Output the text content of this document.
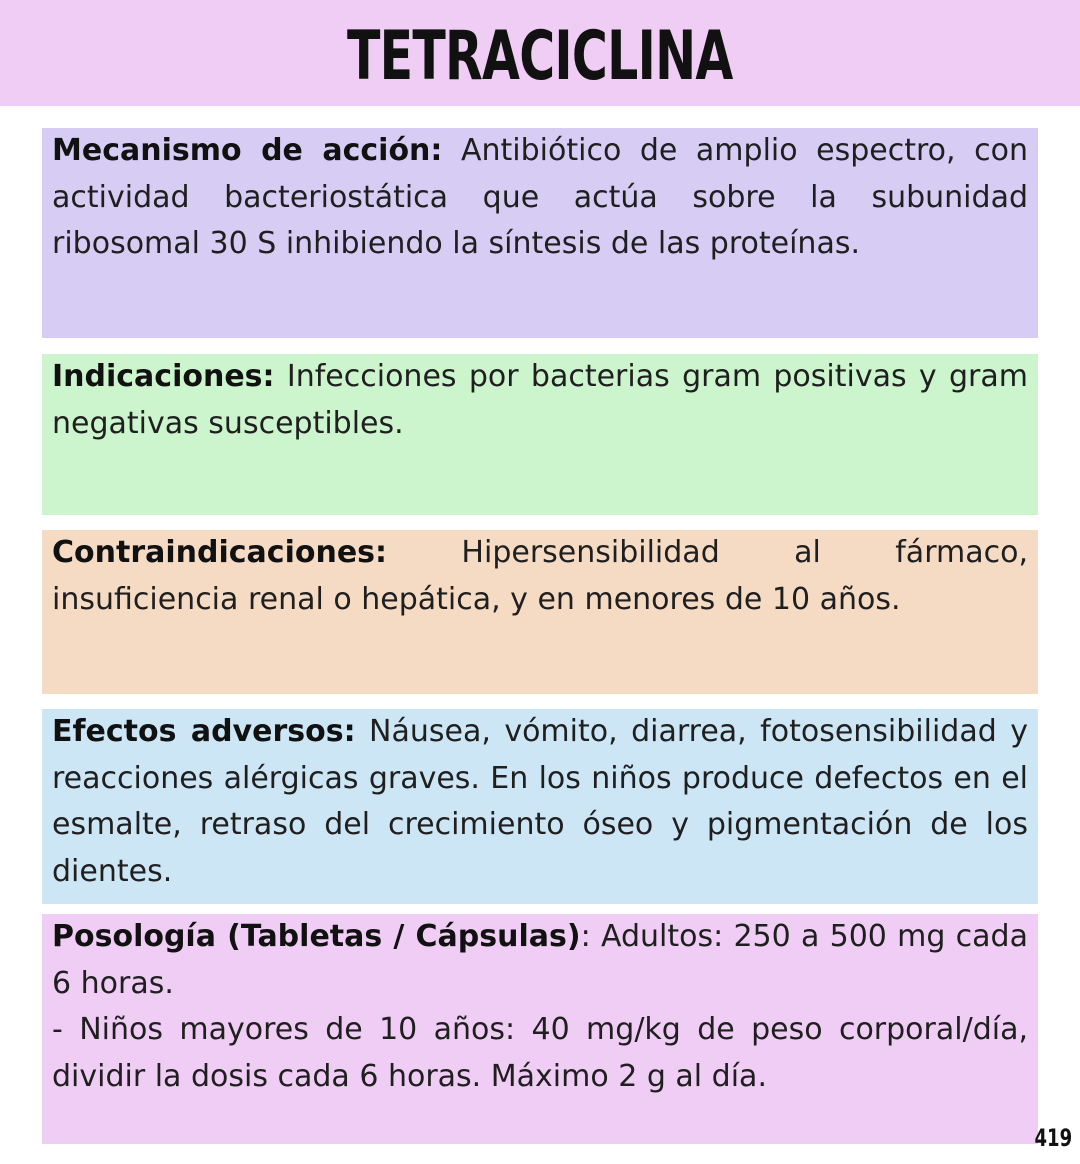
TETRACICLINA
Mecanismo de acción: Antibiótico de amplio espectro, con actividad bacteriostática que actúa sobre la subunidad ribosomal 30 S inhibiendo la síntesis de las proteínas.
Indicaciones: Infecciones por bacterias gram positivas y gram negativas susceptibles.
Contraindicaciones: Hipersensibilidad al fármaco, insuficiencia renal o hepática, y en menores de 10 años.
Efectos adversos: Náusea, vómito, diarrea, fotosensibilidad y reacciones alérgicas graves. En los niños produce defectos en el esmalte, retraso del crecimiento óseo y pigmentación de los dientes.
Posología (Tabletas / Cápsulas): Adultos: 250 a 500 mg cada 6 horas.
- Niños mayores de 10 años: 40 mg/kg de peso corporal/día, dividir la dosis cada 6 horas. Máximo 2 g al día.
419
